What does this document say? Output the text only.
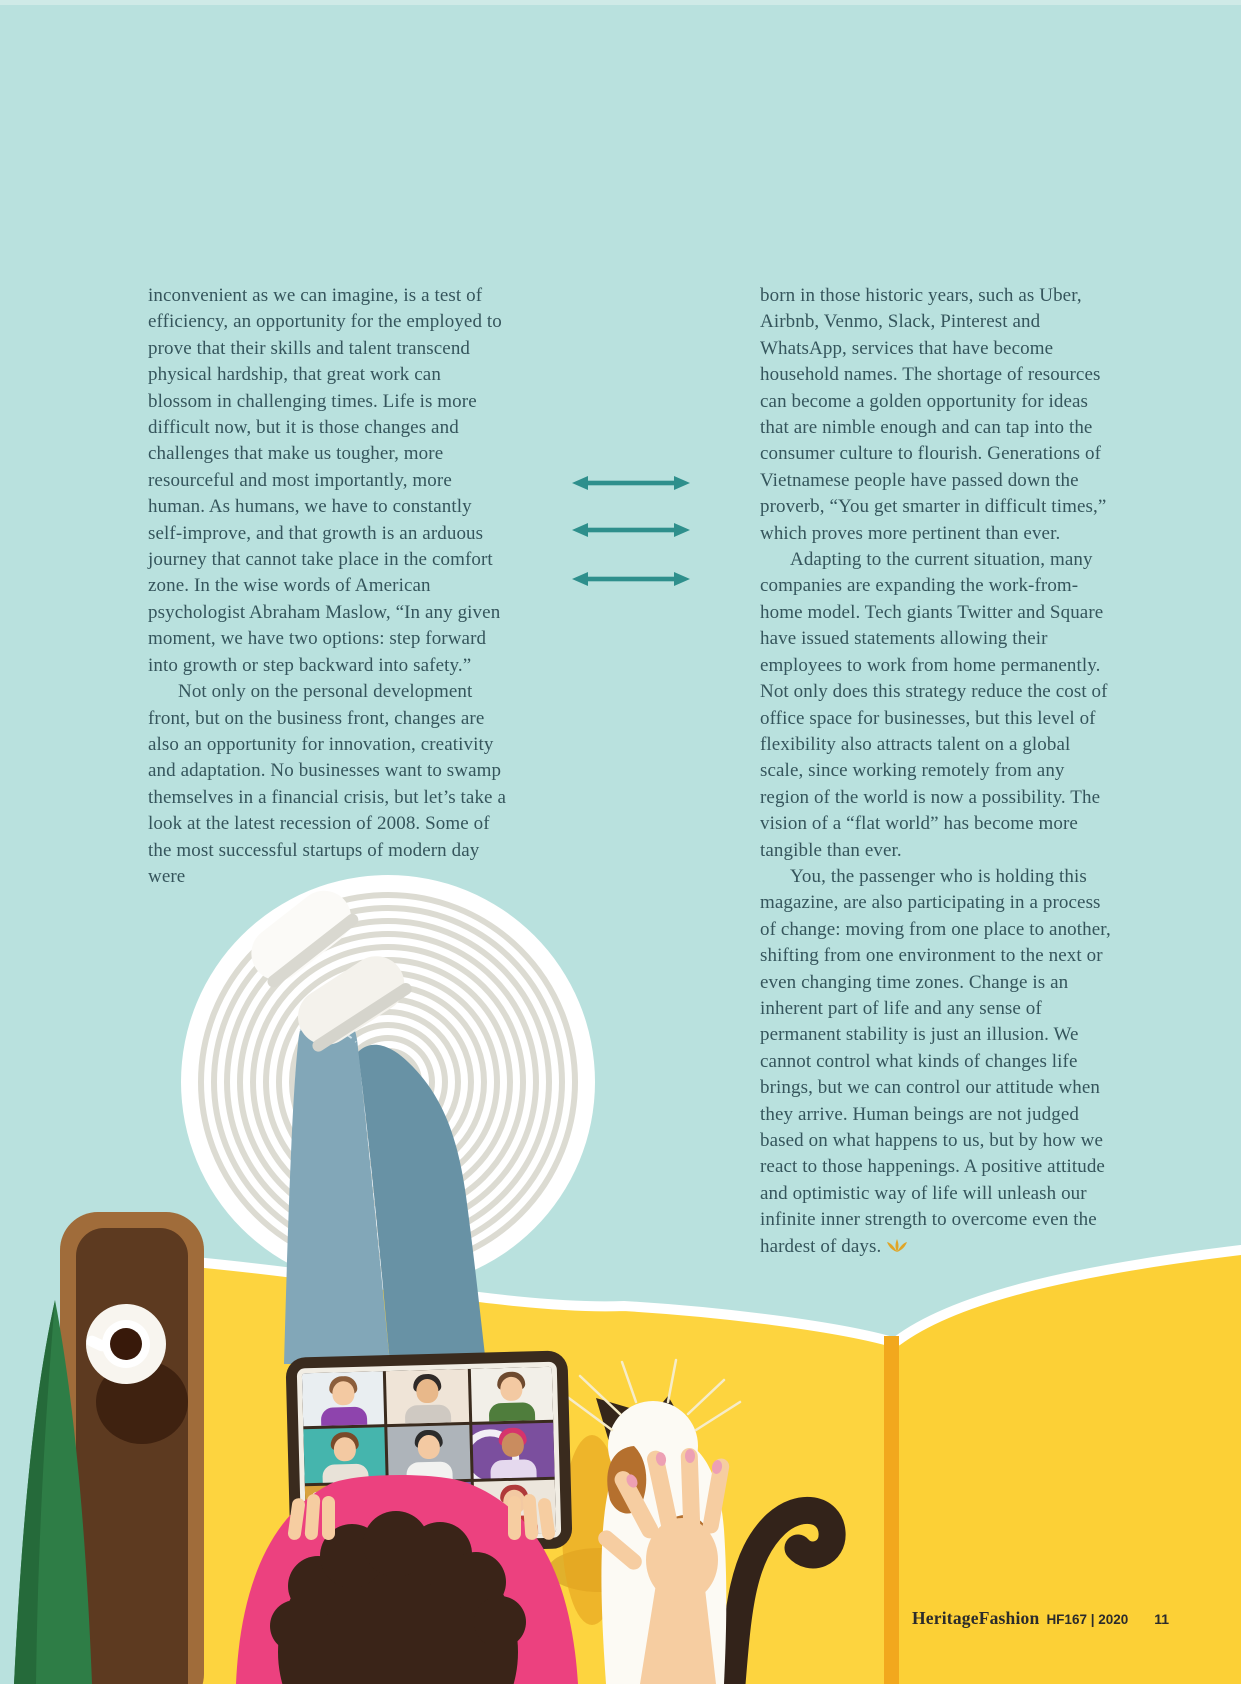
inconvenient as we can imagine, is a test of efficiency, an opportunity for the employed to prove that their skills and talent transcend physical hardship, that great work can blossom in challenging times. Life is more difficult now, but it is those changes and challenges that make us tougher, more resourceful and most importantly, more human. As humans, we have to constantly self-improve, and that growth is an arduous journey that cannot take place in the comfort zone. In the wise words of American psychologist Abraham Maslow, “In any given moment, we have two options: step forward into growth or step backward into safety.”

Not only on the personal development front, but on the business front, changes are also an opportunity for innovation, creativity and adaptation. No businesses want to swamp themselves in a financial crisis, but let’s take a look at the latest recession of 2008. Some of the most successful startups of modern day were

born in those historic years, such as Uber, Airbnb, Venmo, Slack, Pinterest and WhatsApp, services that have become household names. The shortage of resources can become a golden opportunity for ideas that are nimble enough and can tap into the consumer culture to flourish. Generations of Vietnamese people have passed down the proverb, “You get smarter in difficult times,” which proves more pertinent than ever.

Adapting to the current situation, many companies are expanding the work-from-home model. Tech giants Twitter and Square have issued statements allowing their employees to work from home permanently. Not only does this strategy reduce the cost of office space for businesses, but this level of flexibility also attracts talent on a global scale, since working remotely from any region of the world is now a possibility. The vision of a “flat world” has become more tangible than ever.

You, the passenger who is holding this magazine, are also participating in a process of change: moving from one place to another, shifting from one environment to the next or even changing time zones. Change is an inherent part of life and any sense of permanent stability is just an illusion. We cannot control what kinds of changes life brings, but we can control our attitude when they arrive. Human beings are not judged based on what happens to us, but by how we react to those happenings. A positive attitude and optimistic way of life will unleash our infinite inner strength to overcome even the hardest of days.

HeritageFashion HF167 | 2020 11
